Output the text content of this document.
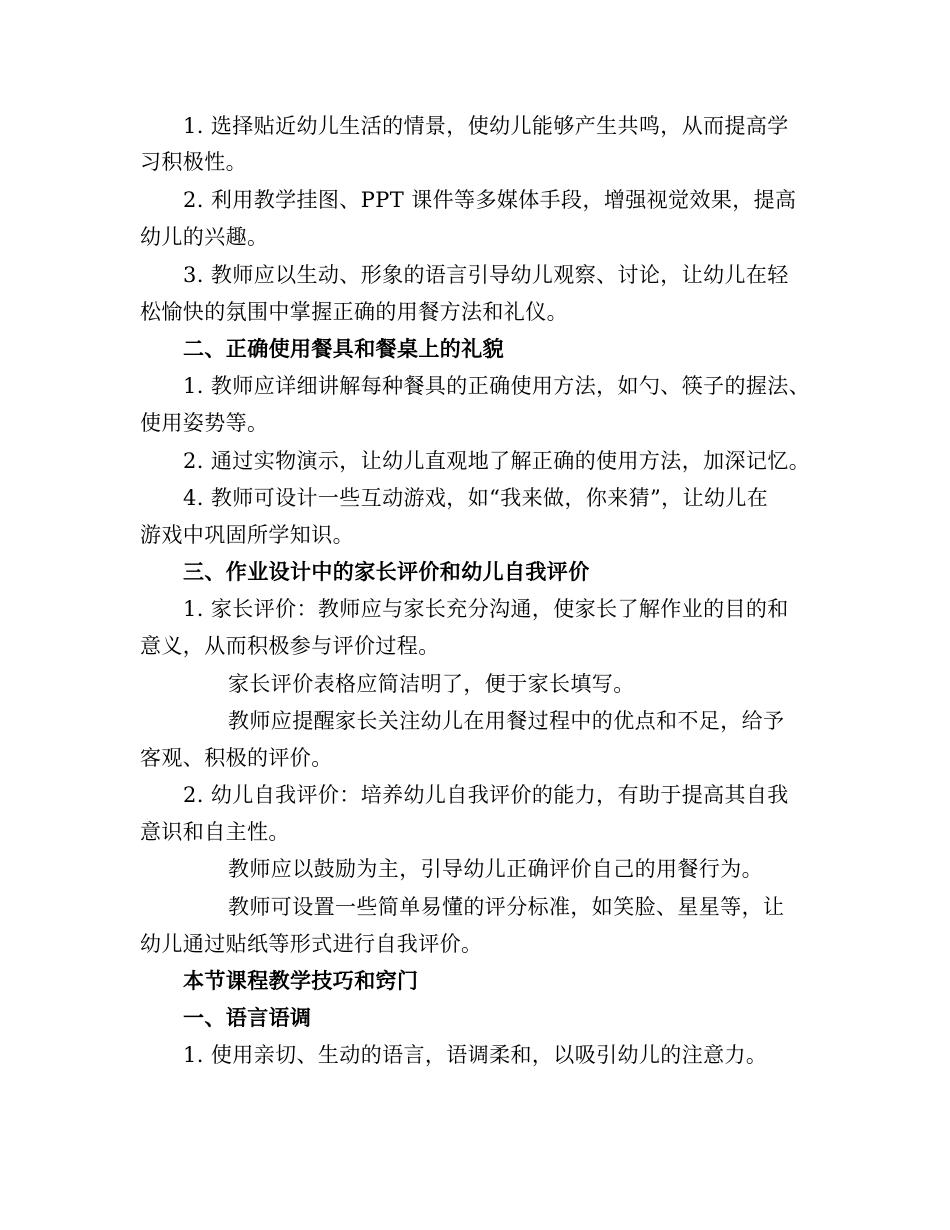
1. 选择贴近幼儿生活的情景，使幼儿能够产生共鸣，从而提高学
习积极性。
2. 利用教学挂图、PPT 课件等多媒体手段，增强视觉效果，提高
幼儿的兴趣。
3. 教师应以生动、形象的语言引导幼儿观察、讨论，让幼儿在轻
松愉快的氛围中掌握正确的用餐方法和礼仪。
二、正确使用餐具和餐桌上的礼貌
1. 教师应详细讲解每种餐具的正确使用方法，如勺、筷子的握法、
使用姿势等。
2. 通过实物演示，让幼儿直观地了解正确的使用方法，加深记忆。
4. 教师可设计一些互动游戏，如“我来做，你来猜”，让幼儿在
游戏中巩固所学知识。
三、作业设计中的家长评价和幼儿自我评价
1. 家长评价：教师应与家长充分沟通，使家长了解作业的目的和
意义，从而积极参与评价过程。
家长评价表格应简洁明了，便于家长填写。
教师应提醒家长关注幼儿在用餐过程中的优点和不足，给予
客观、积极的评价。
2. 幼儿自我评价：培养幼儿自我评价的能力，有助于提高其自我
意识和自主性。
教师应以鼓励为主，引导幼儿正确评价自己的用餐行为。
教师可设置一些简单易懂的评分标准，如笑脸、星星等，让
幼儿通过贴纸等形式进行自我评价。
本节课程教学技巧和窍门
一、语言语调
1. 使用亲切、生动的语言，语调柔和，以吸引幼儿的注意力。
